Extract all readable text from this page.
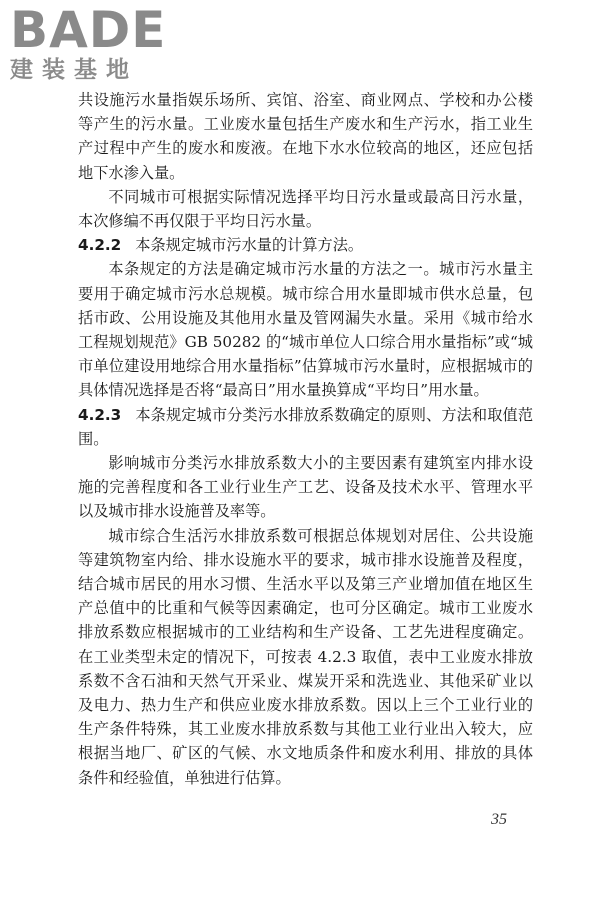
BADE
建装基地

共设施污水量指娱乐场所、宾馆、浴室、商业网点、学校和办公楼等产生的污水量。工业废水量包括生产废水和生产污水，指工业生产过程中产生的废水和废液。在地下水水位较高的地区，还应包括地下水渗入量。

不同城市可根据实际情况选择平均日污水量或最高日污水量，本次修编不再仅限于平均日污水量。

4.2.2 本条规定城市污水量的计算方法。

本条规定的方法是确定城市污水量的方法之一。城市污水量主要用于确定城市污水总规模。城市综合用水量即城市供水总量，包括市政、公用设施及其他用水量及管网漏失水量。采用《城市给水工程规划规范》GB 50282 的“城市单位人口综合用水量指标”或“城市单位建设用地综合用水量指标”估算城市污水量时，应根据城市的具体情况选择是否将“最高日”用水量换算成“平均日”用水量。

4.2.3 本条规定城市分类污水排放系数确定的原则、方法和取值范围。

影响城市分类污水排放系数大小的主要因素有建筑室内排水设施的完善程度和各工业行业生产工艺、设备及技术水平、管理水平以及城市排水设施普及率等。

城市综合生活污水排放系数可根据总体规划对居住、公共设施等建筑物室内给、排水设施水平的要求，城市排水设施普及程度，结合城市居民的用水习惯、生活水平以及第三产业增加值在地区生产总值中的比重和气候等因素确定，也可分区确定。城市工业废水排放系数应根据城市的工业结构和生产设备、工艺先进程度确定。在工业类型未定的情况下，可按表 4.2.3 取值，表中工业废水排放系数不含石油和天然气开采业、煤炭开采和洗选业、其他采矿业以及电力、热力生产和供应业废水排放系数。因以上三个工业行业的生产条件特殊，其工业废水排放系数与其他工业行业出入较大，应根据当地厂、矿区的气候、水文地质条件和废水利用、排放的具体条件和经验值，单独进行估算。

35
